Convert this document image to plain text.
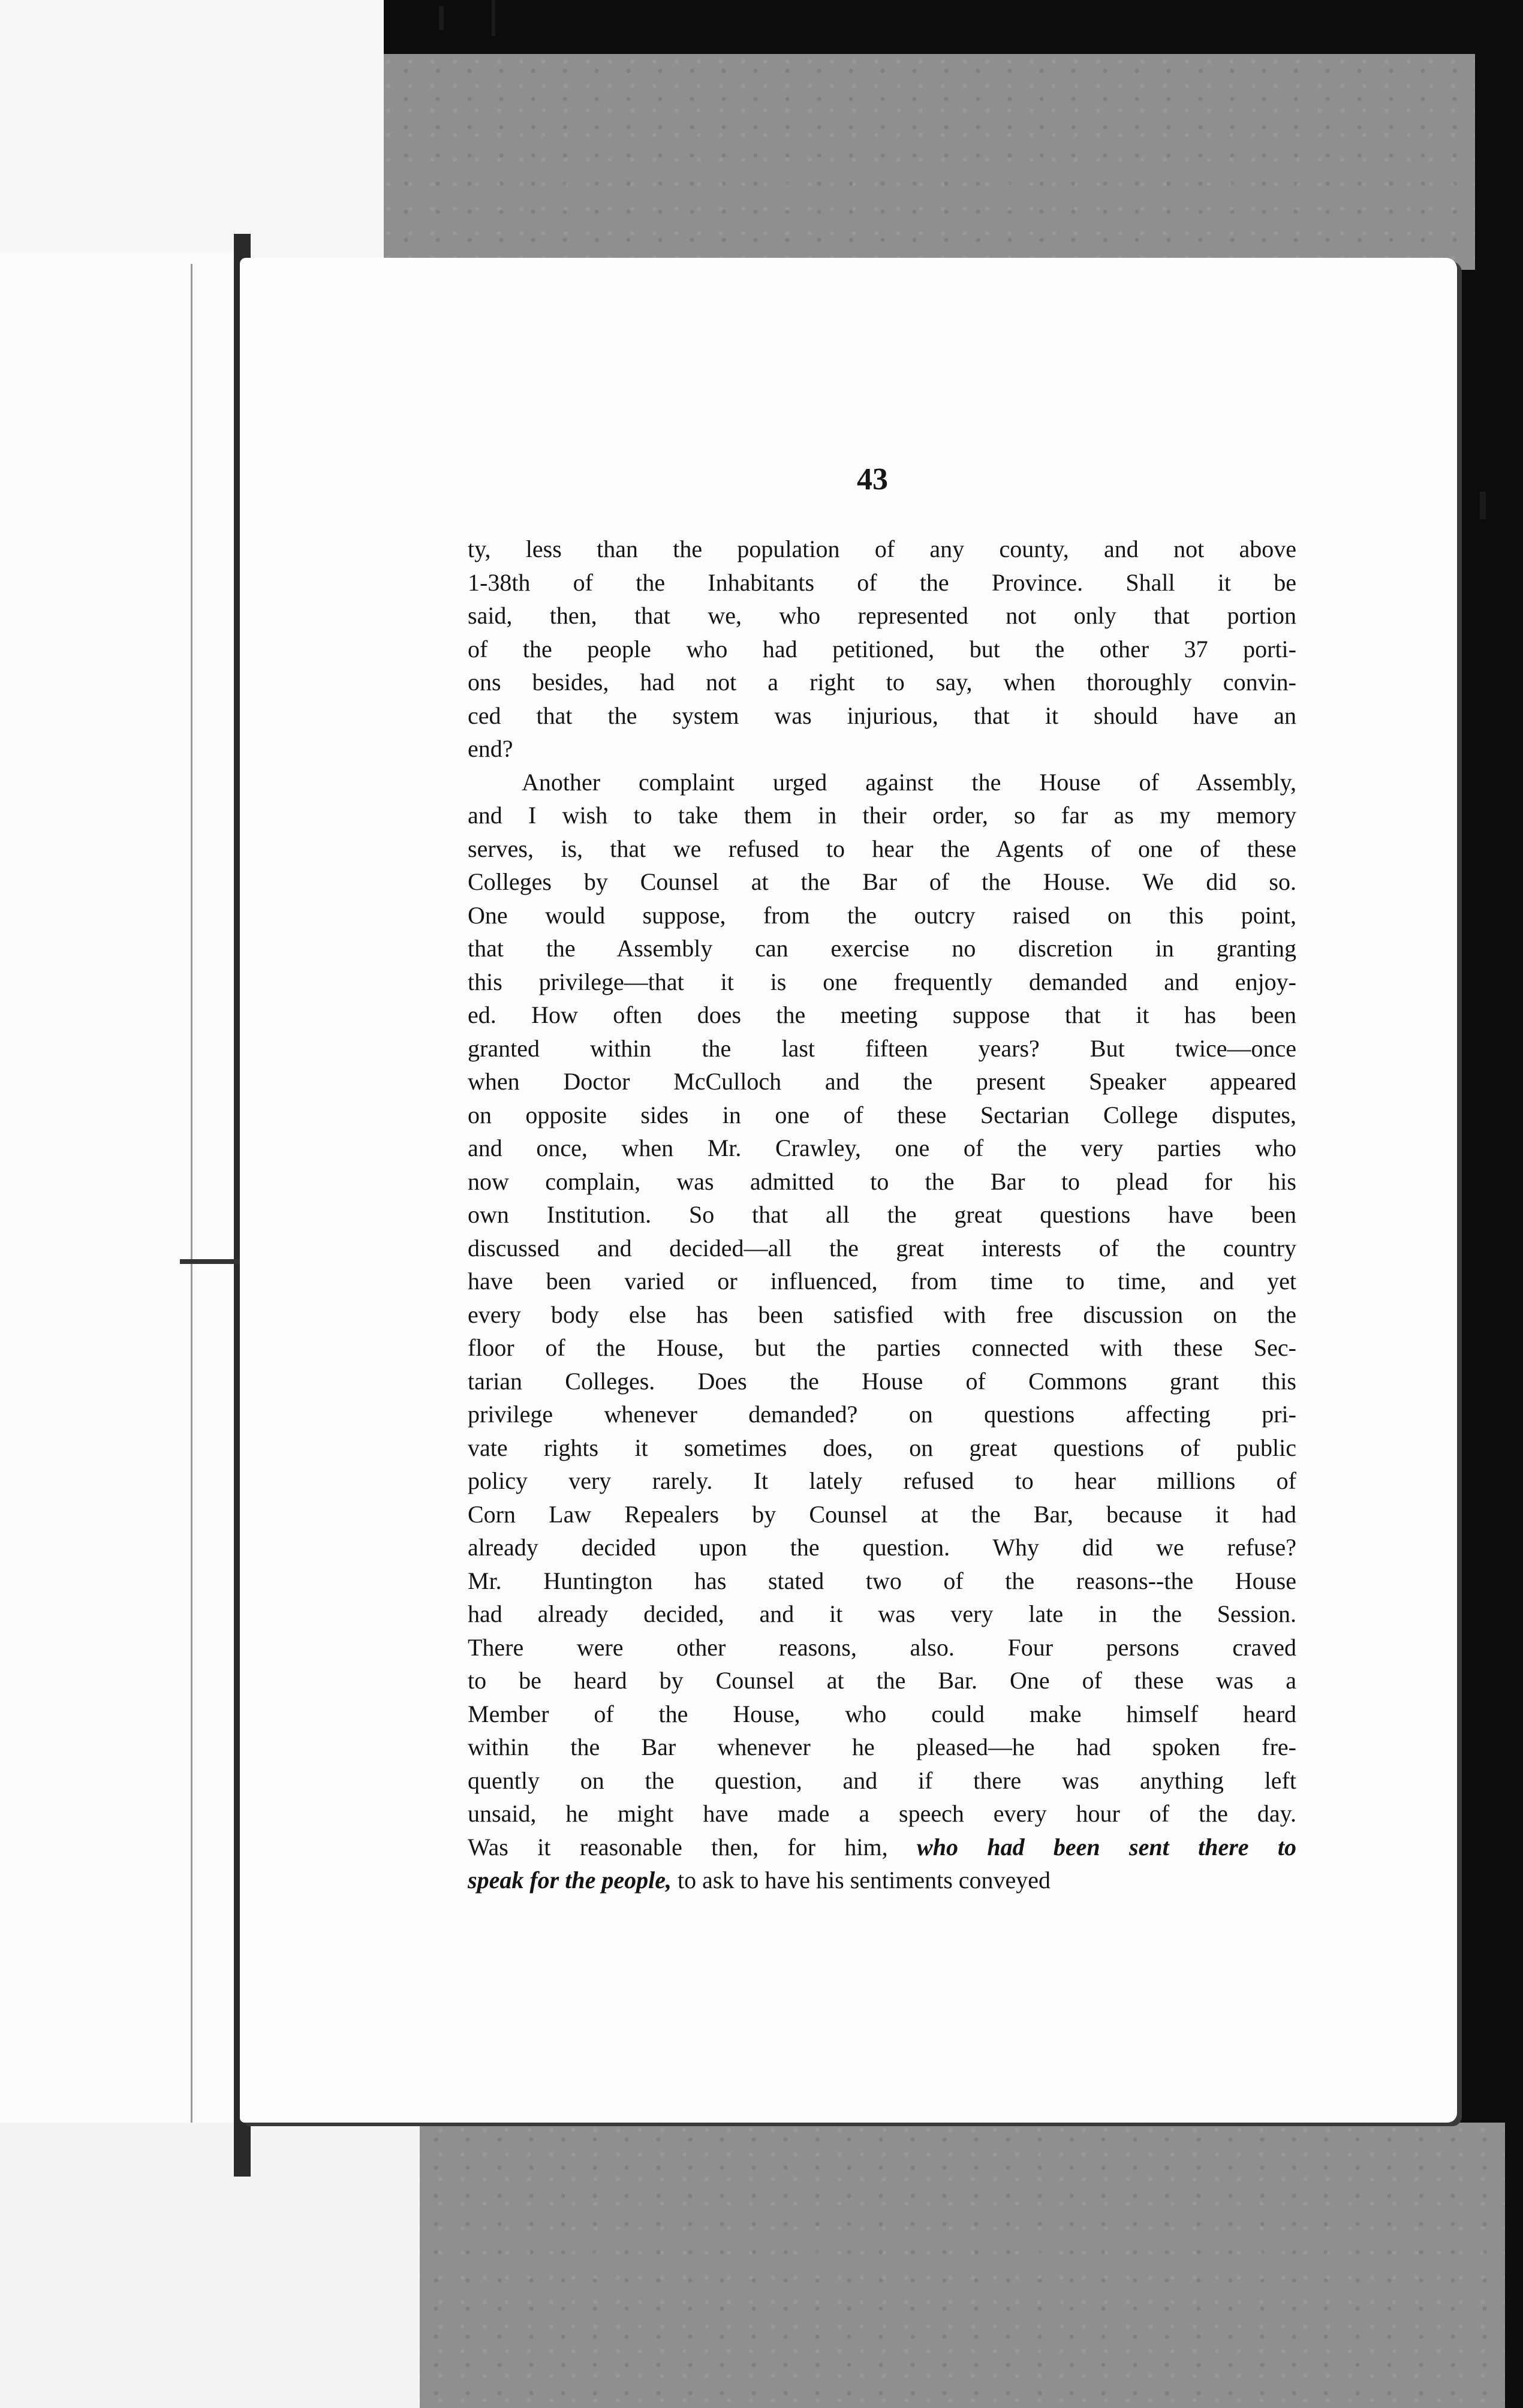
43
ty, less than the population of any county, and not above
1-38th of the Inhabitants of the Province. Shall it be
said, then, that we, who represented not only that portion
of the people who had petitioned, but the other 37 porti-
ons besides, had not a right to say, when thoroughly convin-
ced that the system was injurious, that it should have an
end?
Another complaint urged against the House of Assembly,
and I wish to take them in their order, so far as my memory
serves, is, that we refused to hear the Agents of one of these
Colleges by Counsel at the Bar of the House. We did so.
One would suppose, from the outcry raised on this point,
that the Assembly can exercise no discretion in granting
this privilege—that it is one frequently demanded and enjoy-
ed. How often does the meeting suppose that it has been
granted within the last fifteen years? But twice—once
when Doctor McCulloch and the present Speaker appeared
on opposite sides in one of these Sectarian College disputes,
and once, when Mr. Crawley, one of the very parties who
now complain, was admitted to the Bar to plead for his
own Institution. So that all the great questions have been
discussed and decided—all the great interests of the country
have been varied or influenced, from time to time, and yet
every body else has been satisfied with free discussion on the
floor of the House, but the parties connected with these Sec-
tarian Colleges. Does the House of Commons grant this
privilege whenever demanded? on questions affecting pri-
vate rights it sometimes does, on great questions of public
policy very rarely. It lately refused to hear millions of
Corn Law Repealers by Counsel at the Bar, because it had
already decided upon the question. Why did we refuse?
Mr. Huntington has stated two of the reasons--the House
had already decided, and it was very late in the Session.
There were other reasons, also. Four persons craved
to be heard by Counsel at the Bar. One of these was a
Member of the House, who could make himself heard
within the Bar whenever he pleased—he had spoken fre-
quently on the question, and if there was anything left
unsaid, he might have made a speech every hour of the day.
Was it reasonable then, for him, who had been sent there to
speak for the people, to ask to have his sentiments conveyed
